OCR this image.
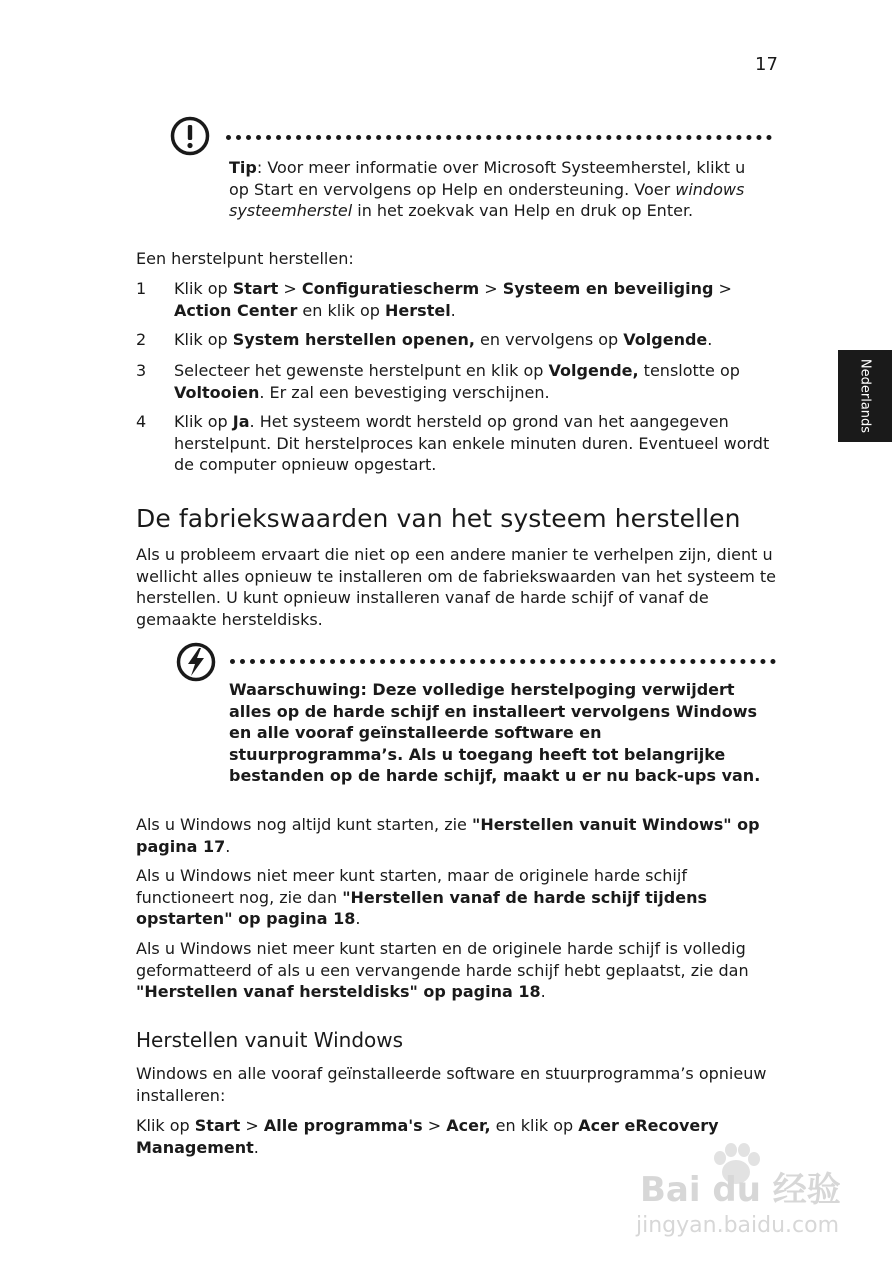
17
Nederlands
Tip: Voor meer informatie over Microsoft Systeemherstel, klikt u op Start en vervolgens op Help en ondersteuning. Voer windows systeemherstel in het zoekvak van Help en druk op Enter.
Een herstelpunt herstellen:
1 Klik op Start > Configuratiescherm > Systeem en beveiliging > Action Center en klik op Herstel.
2 Klik op System herstellen openen, en vervolgens op Volgende.
3 Selecteer het gewenste herstelpunt en klik op Volgende, tenslotte op Voltooien. Er zal een bevestiging verschijnen.
4 Klik op Ja. Het systeem wordt hersteld op grond van het aangegeven herstelpunt. Dit herstelproces kan enkele minuten duren. Eventueel wordt de computer opnieuw opgestart.
De fabriekswaarden van het systeem herstellen
Als u probleem ervaart die niet op een andere manier te verhelpen zijn, dient u wellicht alles opnieuw te installeren om de fabriekswaarden van het systeem te herstellen. U kunt opnieuw installeren vanaf de harde schijf of vanaf de gemaakte hersteldisks.
Waarschuwing: Deze volledige herstelpoging verwijdert alles op de harde schijf en installeert vervolgens Windows en alle vooraf geïnstalleerde software en stuurprogramma’s. Als u toegang heeft tot belangrijke bestanden op de harde schijf, maakt u er nu back-ups van.
Als u Windows nog altijd kunt starten, zie "Herstellen vanuit Windows" op pagina 17.
Als u Windows niet meer kunt starten, maar de originele harde schijf functioneert nog, zie dan "Herstellen vanaf de harde schijf tijdens opstarten" op pagina 18.
Als u Windows niet meer kunt starten en de originele harde schijf is volledig geformatteerd of als u een vervangende harde schijf hebt geplaatst, zie dan "Herstellen vanaf hersteldisks" op pagina 18.
Herstellen vanuit Windows
Windows en alle vooraf geïnstalleerde software en stuurprogramma’s opnieuw installeren:
Klik op Start > Alle programma's > Acer, en klik op Acer eRecovery Management.
Bai du 经验
jingyan.baidu.com
